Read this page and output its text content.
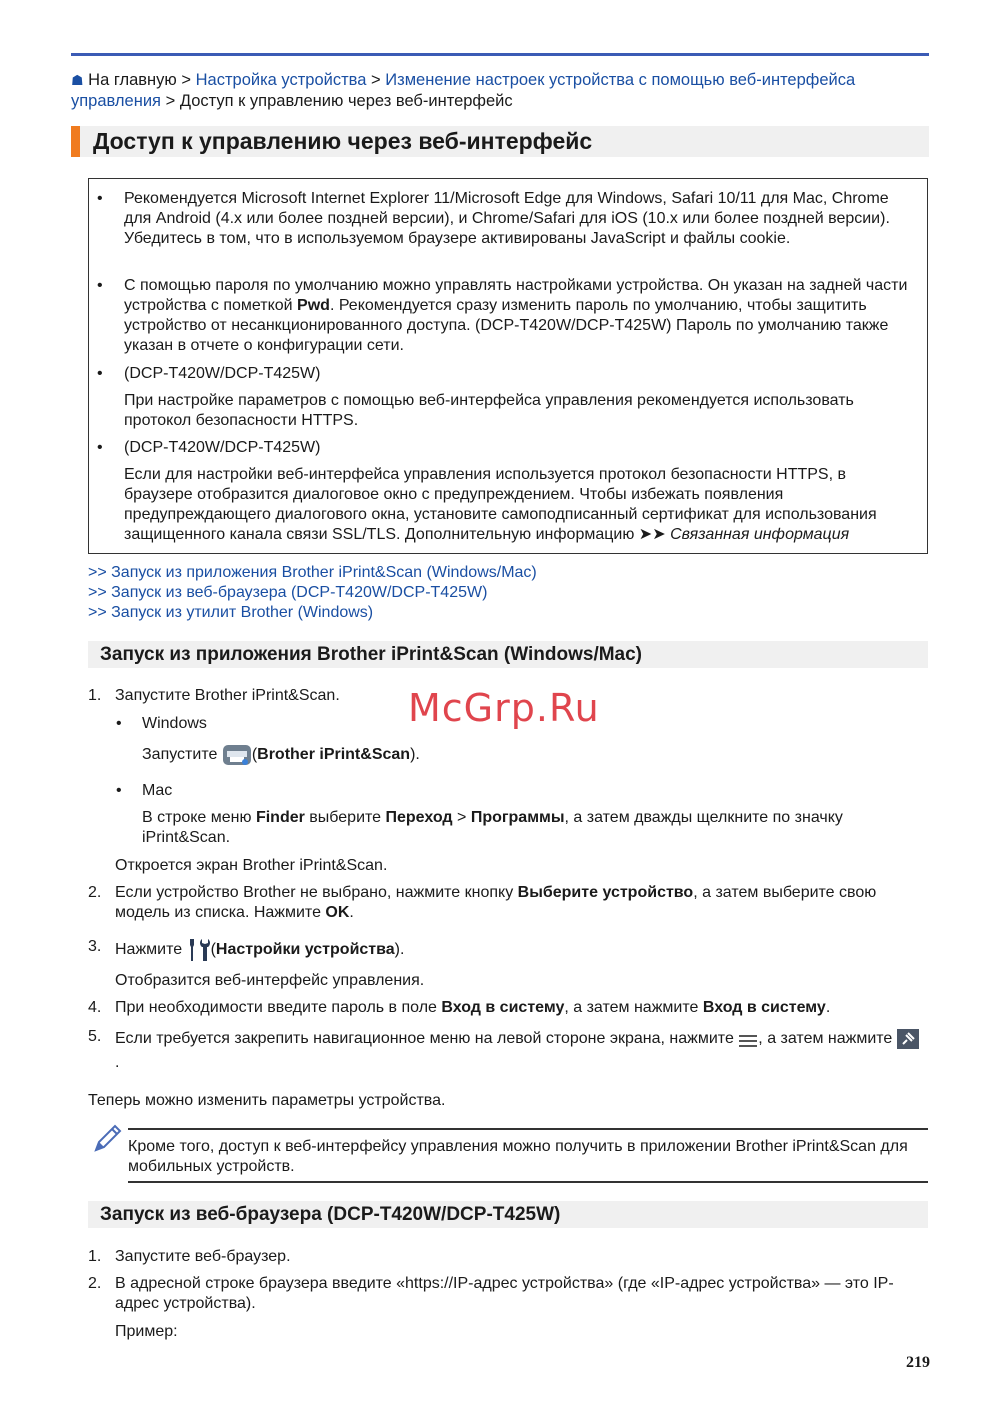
☗ На главную > Настройка устройства > Изменение настроек устройства с помощью веб-интерфейса управления > Доступ к управлению через веб-интерфейс
Доступ к управлению через веб-интерфейс
• Рекомендуется Microsoft Internet Explorer 11/Microsoft Edge для Windows, Safari 10/11 для Mac, Chrome для Android (4.x или более поздней версии), и Chrome/Safari для iOS (10.x или более поздней версии). Убедитесь в том, что в используемом браузере активированы JavaScript и файлы cookie.
• С помощью пароля по умолчанию можно управлять настройками устройства. Он указан на задней части устройства с пометкой Pwd. Рекомендуется сразу изменить пароль по умолчанию, чтобы защитить устройство от несанкционированного доступа. (DCP-T420W/DCP-T425W) Пароль по умолчанию также указан в отчете о конфигурации сети.
• (DCP-T420W/DCP-T425W)
При настройке параметров с помощью веб-интерфейса управления рекомендуется использовать протокол безопасности HTTPS.
• (DCP-T420W/DCP-T425W)
Если для настройки веб-интерфейса управления используется протокол безопасности HTTPS, в браузере отобразится диалоговое окно с предупреждением. Чтобы избежать появления предупреждающего диалогового окна, установите самоподписанный сертификат для использования защищенного канала связи SSL/TLS. Дополнительную информацию ➤➤ Связанная информация
>> Запуск из приложения Brother iPrint&Scan (Windows/Mac)
>> Запуск из веб-браузера (DCP-T420W/DCP-T425W)
>> Запуск из утилит Brother (Windows)
Запуск из приложения Brother iPrint&Scan (Windows/Mac)
McGrp.Ru
1. Запустите Brother iPrint&Scan.
• Windows
Запустите (Brother iPrint&Scan).
• Mac
В строке меню Finder выберите Переход > Программы, а затем дважды щелкните по значку iPrint&Scan.
Откроется экран Brother iPrint&Scan.
2. Если устройство Brother не выбрано, нажмите кнопку Выберите устройство, а затем выберите свою модель из списка. Нажмите OK.
3. Нажмите (Настройки устройства).
Отобразится веб-интерфейс управления.
4. При необходимости введите пароль в поле Вход в систему, а затем нажмите Вход в систему.
5. Если требуется закрепить навигационное меню на левой стороне экрана, нажмите , а затем нажмите .
Теперь можно изменить параметры устройства.
Кроме того, доступ к веб-интерфейсу управления можно получить в приложении Brother iPrint&Scan для мобильных устройств.
Запуск из веб-браузера (DCP-T420W/DCP-T425W)
1. Запустите веб-браузер.
2. В адресной строке браузера введите «https://IP-адрес устройства» (где «IP-адрес устройства» — это IP-адрес устройства).
Пример:
219
